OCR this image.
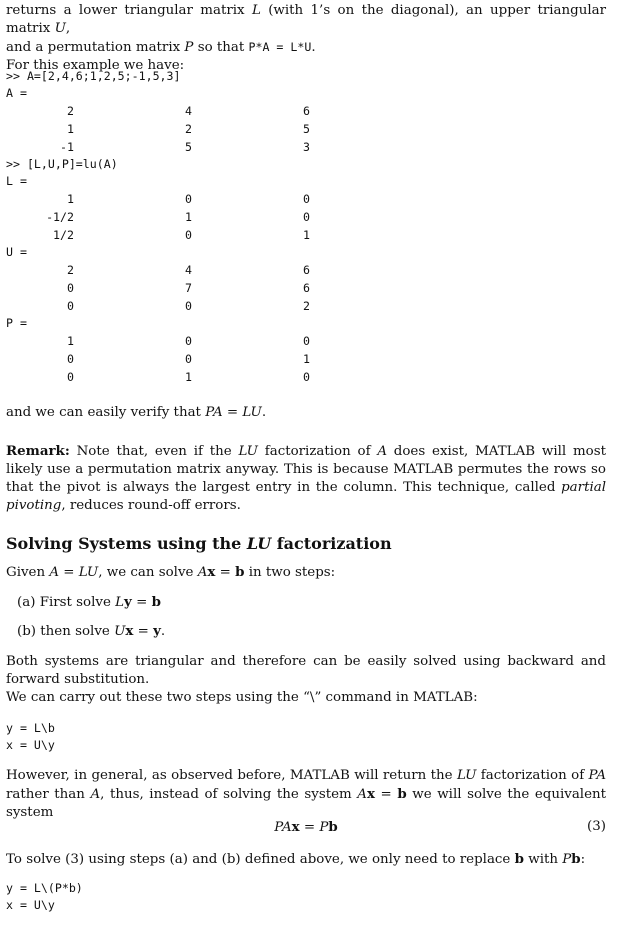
returns a lower triangular matrix L (with 1’s on the diagonal), an upper triangular matrix U,

and a permutation matrix P so that P*A = L*U.

For this example we have:

>> A=[2,4,6;1,2,5;-1,5,3]
A =
2	4	6
1	2	5
-1	5	3
>> [L,U,P]=lu(A)
L =
1	0	0
-1/2	1	0
1/2	0	1
U =
2	4	6
0	7	6
0	0	2
P =
1	0	0
0	0	1
0	1	0

and we can easily verify that PA = LU.

Remark: Note that, even if the LU factorization of A does exist, MATLAB will most likely use a permutation matrix anyway. This is because MATLAB permutes the rows so that the pivot is always the largest entry in the column. This technique, called partial pivoting, reduces round-off errors.

Solving Systems using the LU factorization

Given A = LU, we can solve Ax = b in two steps:

(a) First solve Ly = b
(b) then solve Ux = y.

Both systems are triangular and therefore can be easily solved using backward and forward substitution.

We can carry out these two steps using the “\” command in MATLAB:

y = L\b
x = U\y

However, in general, as observed before, MATLAB will return the LU factorization of PA rather than A, thus, instead of solving the system Ax = b we will solve the equivalent system

PAx = Pb	(3)

To solve (3) using steps (a) and (b) defined above, we only need to replace b with Pb:

y = L\(P*b)
x = U\y
